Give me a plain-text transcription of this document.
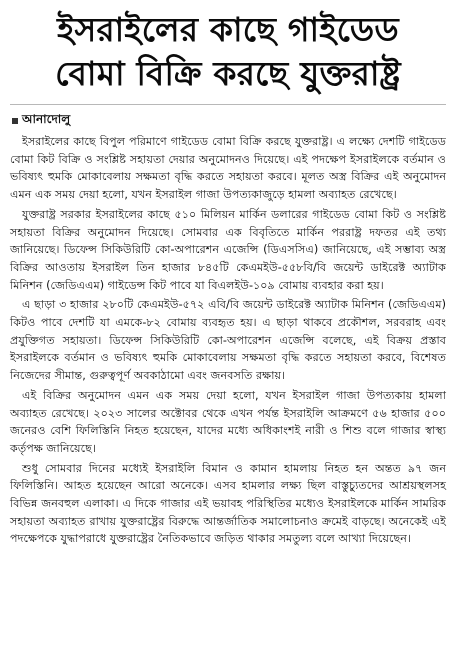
ইসরাইলের কাছে গাইডেড
বোমা বিক্রি করছে যুক্তরাষ্ট্র
আনাদোলু

ইসরাইলের কাছে বিপুল পরিমাণে গাইডেড বোমা বিক্রি করছে যুক্তরাষ্ট্র। এ লক্ষ্যে দেশটি গাইডেড বোমা কিট বিক্রি ও সংশ্লিষ্ট সহায়তা দেয়ার অনুমোদনও দিয়েছে। এই পদক্ষেপ ইসরাইলকে বর্তমান ও ভবিষ্যৎ হুমকি মোকাবেলায় সক্ষমতা বৃদ্ধি করতে সহায়তা করবে। মূলত অস্ত্র বিক্রির এই অনুমোদন এমন এক সময় দেয়া হলো, যখন ইসরাইল গাজা উপত্যকাজুড়ে হামলা অব্যাহত রেখেছে।

যুক্তরাষ্ট্র সরকার ইসরাইলের কাছে ৫১০ মিলিয়ন মার্কিন ডলারের গাইডেড বোমা কিট ও সংশ্লিষ্ট সহায়তা বিক্রির অনুমোদন দিয়েছে। সোমবার এক বিবৃতিতে মার্কিন পররাষ্ট্র দফতর এই তথ্য জানিয়েছে। ডিফেন্স সিকিউরিটি কো-অপারেশন এজেন্সি (ডিএসসিএ) জানিয়েছে, এই সম্ভাব্য অস্ত্র বিক্রির আওতায় ইসরাইল তিন হাজার ৮৪৫টি কেএমইউ-৫৫৮বি/বি জয়েন্ট ডাইরেক্ট অ্যাটাক মিনিশন (জেডিএএম) গাইডেন্স কিট পাবে যা বিএলইউ-১০৯ বোমায় ব্যবহার করা হয়।

এ ছাড়া ৩ হাজার ২৮০টি কেএমইউ-৫৭২ এবি/বি জয়েন্ট ডাইরেক্ট অ্যাটাক মিনিশন (জেডিএএম) কিটও পাবে দেশটি যা এমকে-৮২ বোমায় ব্যবহৃত হয়। এ ছাড়া থাকবে প্রকৌশল, সরবরাহ এবং প্রযুক্তিগত সহায়তা। ডিফেন্স সিকিউরিটি কো-অপারেশন এজেন্সি বলেছে, এই বিক্রয় প্রস্তাব ইসরাইলকে বর্তমান ও ভবিষ্যৎ হুমকি মোকাবেলায় সক্ষমতা বৃদ্ধি করতে সহায়তা করবে, বিশেষত নিজেদের সীমান্ত, গুরুত্বপূর্ণ অবকাঠামো এবং জনবসতি রক্ষায়।

এই বিক্রির অনুমোদন এমন এক সময় দেয়া হলো, যখন ইসরাইল গাজা উপত্যকায় হামলা অব্যাহত রেখেছে। ২০২৩ সালের অক্টোবর থেকে এখন পর্যন্ত ইসরাইলি আক্রমণে ৫৬ হাজার ৫০০ জনেরও বেশি ফিলিস্তিনি নিহত হয়েছেন, যাদের মধ্যে অধিকাংশই নারী ও শিশু বলে গাজার স্বাস্থ্য কর্তৃপক্ষ জানিয়েছে।

শুধু সোমবার দিনের মধ্যেই ইসরাইলি বিমান ও কামান হামলায় নিহত হন অন্তত ৯৭ জন ফিলিস্তিনি। আহত হয়েছেন আরো অনেকে। এসব হামলার লক্ষ্য ছিল বাস্তুচ্যুতদের আশ্রয়স্থলসহ বিভিন্ন জনবহুল এলাকা। এ দিকে গাজার এই ভয়াবহ পরিস্থিতির মধ্যেও ইসরাইলকে মার্কিন সামরিক সহায়তা অব্যাহত রাখায় যুক্তরাষ্ট্রের বিরুদ্ধে আন্তর্জাতিক সমালোচনাও ক্রমেই বাড়ছে। অনেকেই এই পদক্ষেপকে যুদ্ধাপরাধে যুক্তরাষ্ট্রের নৈতিকভাবে জড়িত থাকার সমতুল্য বলে আখ্যা দিয়েছেন।
